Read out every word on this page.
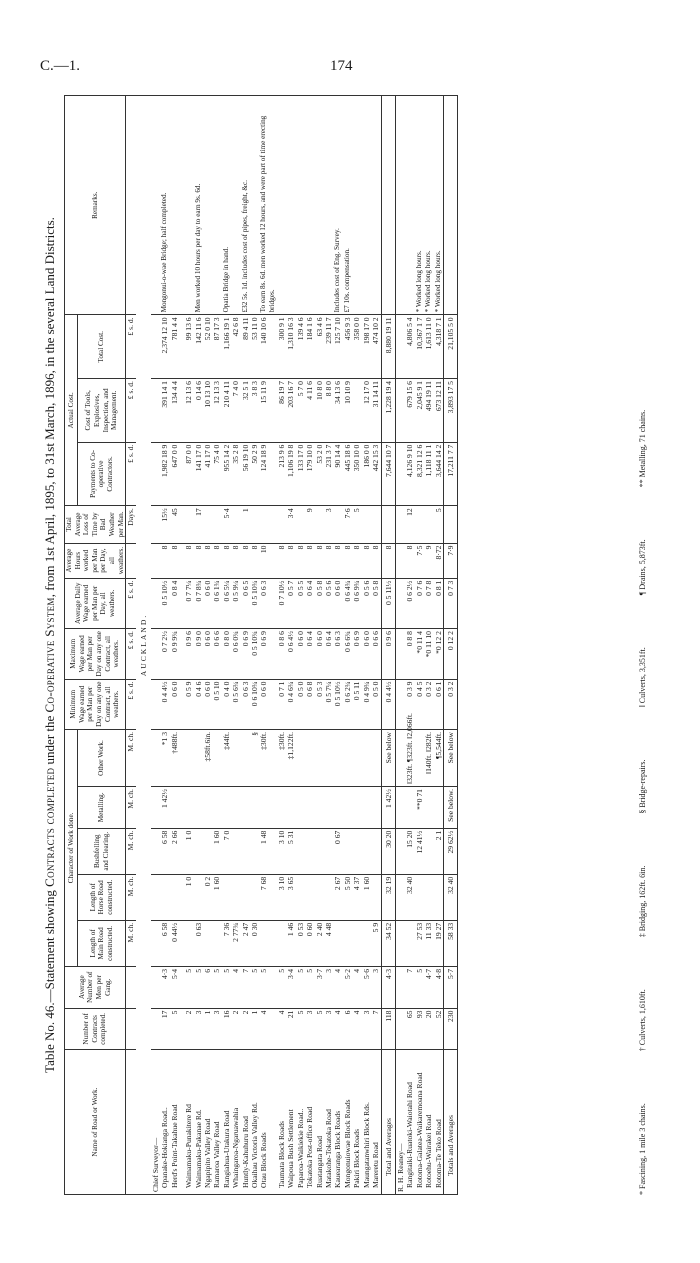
C.—1.	174
Table No. 46.—Statement showing Contracts completed under the Co-operative System, from 1st April, 1895, to 31st March, 1896, in the several Land Districts.
Name of Road or Work.	Number of Contracts completed.	Average Number of Men per Gang.	Character of Work done.					Minimum Wage earned per Man per Day on any one Contract, all weathers.	Maximum Wage earned per Man per Day on any one Contract, all weathers.	Average Daily Wage earned per Man per Day, all weathers.	Average Hours worked per Man per Day, all weathers.	Total Average Loss of Time by Bad Weather per Man.	Actual Cost.			Remarks.
			Length of Main Road constructed.	Length of Horse Road constructed.	Bushfelling and Clearing.	Metalling.	Other Work.						Payments to Co-operative Contractors.	Cost of Tools, Explosives, Inspection, and Management.	Total Cost.	
			M. ch.	M. ch.	M. ch.	M. ch.	M. ch.	£ s. d.	£ s. d.	£ s. d.		Days.	£ s. d.	£ s. d.	£ s. d.	
AUCKLAND.																
Chief Surveyor—																
Opanake-Hokianga Road..	17	4·3	6 58		6 58	1 42½	*1 3	0 4 4½	0 7 2½	0 5 10½	8	15½	1,982 18 9	391 14 1	2,374 12 10	Mongonui-o-wae Bridge; half completed.
Herd's Point-Takahue Road	5	5·4	0 44½		2 66		†488ft.	0 6 0	0 9 9¾	0 8 4	8	45	647 0 0	134 4 4	781 4 4	

Waimamaku-Punakitere Rd	2	5		1 0	1 0			0 5 9	0 9 6	0 7 7¼	8		87 0 0	12 13 6	99 13 6	
Waimamaku-Pakanae Rd.	3	5	0 63					0 4 6	0 9 0	0 7 8¾	8	17	141 17 0	0 14 6	142 11 6	Men worked 10 hours per day to earn 9s. 6d.
Ngapipito Valley Road	1	6		0 2			‡58ft.6in.	0 6 0	0 6 0	0 6 0	8		41 17 0	10 13 10	52 0 10	
Ramaroa Valley Road	3	5		1 60	1 60			0 5 10	0 6 6	0 6 1¾	8		75 4 0	12 13 3	87 17 3	
Rangiahua-Utakura Road	16	5	7 36		7 0		‡44ft.	0 4 0	0 8 0	0 6 5¼	8	5·4	955 14 2	210 4 11	1,166 19 1	Opatia Bridge in hand.
Whaingaroa-Ngaruawahia	2	4	2 77¾					0 5 6¾	0 6 0¾	0 5 9¼	8		35 2 8	7 4 0	42 6 8	
Huntly-Kahuhuru Road	2	7	2 47					0 6 3	0 6 9	0 6 5	8	1	56 19 10	32 5 1	89 4 11	£32 5s. 1d. includes cost of pipes, freight, &c.
Okaihau Victoria Valley Rd.	1	5	0 30				§	0 6 10¾	0 5 10¾	0 5 10¾	8		50 2 9	3 8 3	53 11 0	
Otau Block Roads	4	5		7 68	1 48		‡30ft.	0 6 0	0 6 9	0 6 3	10		124 18 9	15 11 9	140 10 6	To earn 8s. 6d. men worked 12 hours, and were part of time erecting bridges.
Taumata Block Roads	4	5		3 10	3 10		‡30ft.	0 7 1	0 8 6	0 7 10½	8		213 9 6	86 19 7	300 9 1	
Waipoua Bush Settlement	21	3·4	1 46	3 65	5 31		‡1,122ft.	0 4 6¾	0 6 4½	0 5 7	8	3·4	1,106 19 8	203 16 7	1,310 16 3	
Paparoa-Waikiekie Road..	5	5	0 53					0 5 0	0 6 0	0 5 5	8		133 17 0	5 7 0	139 4 6	
Tokatoka Post-office Road	3	5	0 60					0 6 8	0 6 4	0 6 4	8	9	179 10 0	4 11 6	184 1 6	
Ruatangata Road	5	3·7	2 40					0 5 3	0 6 0	0 5 8	8		53 2 0	10 8 0	63 4 6	
Matakohe-Tokatoka Road	3	3	4 48					0 5 7¼	0 6 4	0 5 6	8	3	231 3 7	8 8 0	239 11 7	
Kauearanga Block Roads	4	4		2 67	0 67			0 5 10½	0 6 3	0 6 0	8		90 14 4	34 13 6	125 7 10	Includes cost of Eng. Survey.
Mongonuiowae Block Roads	6	5·2		5 50				0 6 2¾	0 6 6¾	0 6 4¾	8	7·6	445 18 6	10 10 9	456 9 3	£7 10s. compensation.
Pakiri Block Roads	4	4		4 37				0 5 11	0 6 9	0 6 9¾	8	5	350 10 0		358 0 0	
Maungatanwhiri Block Rds.	3	5·6		1 60				0 4 9¾	0 6 0	0 5 6	8		186 0 0	12 17 0	198 17 0	
Mareretu Road	7	3	5 9					0 5 0	0 6 6	0 5 8	8		442 15 3	31 14 11	474 10 2	
Total and Averages	118	4·3	34 52	32 19	30 20	1 42½	See below	0 4 4½	0 9 6	0 5 11½	8		7,644 10 7	1,228 19 4	8,880 19 11	
R. H. Reaney—																
Rangitaiki-Ruatoki-Waiotahi Road	65	7		32 40	15 20		‖323ft. ¶323ft. ‖2,066ft.	0 3 9	0 8 8	0 6 2½	8	12	4,126 9 10	679 15 6	4,806 5 4	
Rotoma-Galatea-Waikaremoana Road	93	5	27 53		12 41½	**0 71		0 4 5	*0 11 4	0 7 6	7·5		8,321 12 6	2,045 9 1	10,367 1 7	* Worked long hours.
Rotoehu-Wairakei Road	20	4·7	11 33				‖140ft. ‖282ft.	0 3 2	*0 11 10	0 7 8	9		1,118 11 1	494 19 11	1,613 11 0	* Worked long hours.
Rotoma-Te Teko Road	52	4·8	19 27		2 1		¶5,544ft.	0 6 1	*0 12 2	0 8 1	8·72	5	3,644 14 2	673 12 11	4,318 7 1	* Worked long hours.
Totals and Averages	230	5·7	58 33	32 40	29 62½	See below.	See below	0 3 2	0 12 2	0 7 3	7·9		17,211 7 7	3,893 17 5	21,105 5 0	
* Fascining, 1 mile 3 chains.† Culverts, 1,610ft.‡ Bridging, 162ft. 6in.§ Bridge-repairs.‖ Culverts, 3,351ft.¶ Drains, 5,873ft.** Metalling, 71 chains.
